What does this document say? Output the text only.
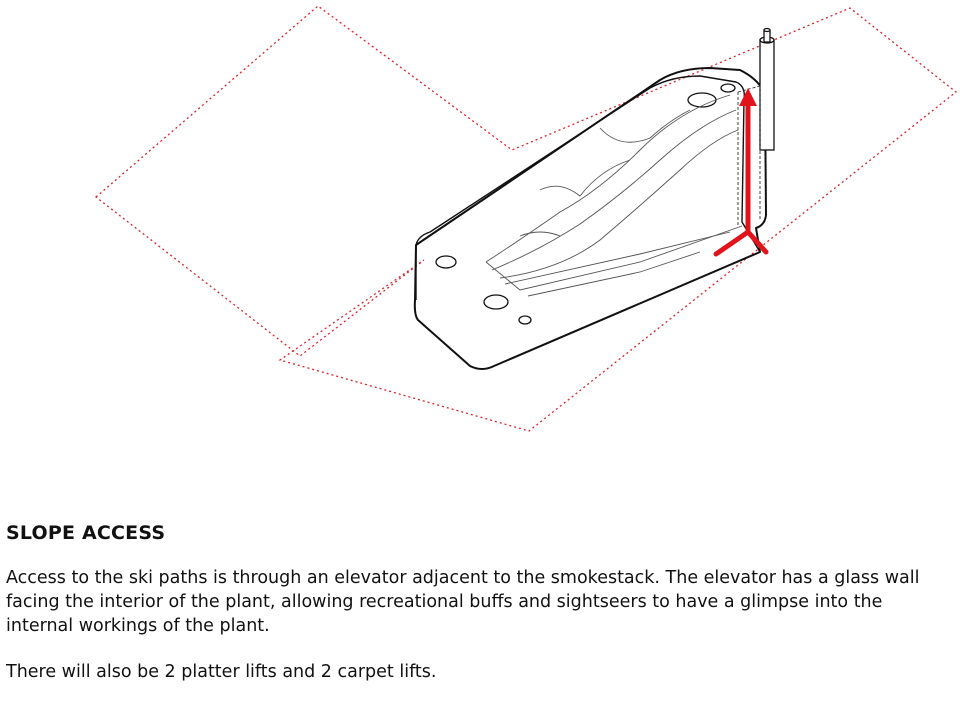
SLOPE ACCESS

Access to the ski paths is through an elevator adjacent to the smokestack. The elevator has a glass wall facing the interior of the plant, allowing recreational buffs and sightseers to have a glimpse into the internal workings of the plant.

There will also be 2 platter lifts and 2 carpet lifts.
